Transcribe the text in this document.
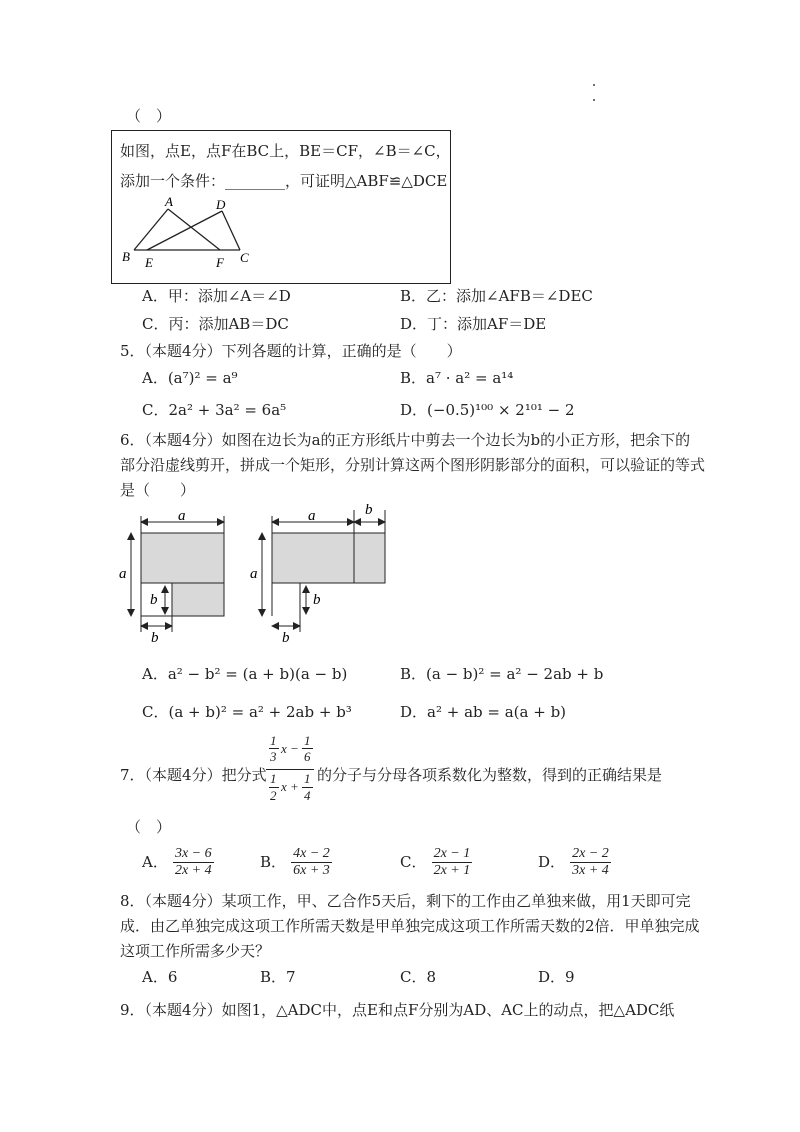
（　）
如图，点E，点F在BC上，BE＝CF，∠B＝∠C，
添加一个条件：________，可证明△ABF≌△DCE
A	D
B E	F C
A．甲：添加∠A＝∠D	B．乙：添加∠AFB＝∠DEC
C．丙：添加AB＝DC	D．丁：添加AF＝DE
5．（本题4分）下列各题的计算，正确的是（　　）
A．(a⁷)² = a⁹	B．a⁷ · a² = a¹⁴
C．2a² + 3a² = 6a⁵	D．(−0.5)¹⁰⁰ × 2¹⁰¹ − 2
6．（本题4分）如图在边长为a的正方形纸片中剪去一个边长为b的小正方形，把余下的
部分沿虚线剪开，拼成一个矩形，分别计算这两个图形阴影部分的面积，可以验证的等式
是（　　）
a
a
b
b
a	b
a
b
b
A．a² − b² = (a + b)(a − b)	B．(a − b)² = a² − 2ab + b
C．(a + b)² = a² + 2ab + b³	D．a² + ab = a(a + b)
7．（本题4分）把分式
1
3
x −
1
6
1
2
x +
1
4
的分子与分母各项系数化为整数，得到的正确结果是
（　）
A． $\frac{3x - 6}{2x + 4}$	B． $\frac{4x - 2}{6x + 3}$	C． $\frac{2x - 1}{2x + 1}$	D． $\frac{2x - 2}{3x + 4}$
8．（本题4分）某项工作，甲、乙合作5天后，剩下的工作由乙单独来做，用1天即可完
成．由乙单独完成这项工作所需天数是甲单独完成这项工作所需天数的2倍．甲单独完成
这项工作所需多少天？
A．6	B．7	C．8	D．9
9．（本题4分）如图1，△ADC中，点E和点F分别为AD、AC上的动点，把△ADC纸
